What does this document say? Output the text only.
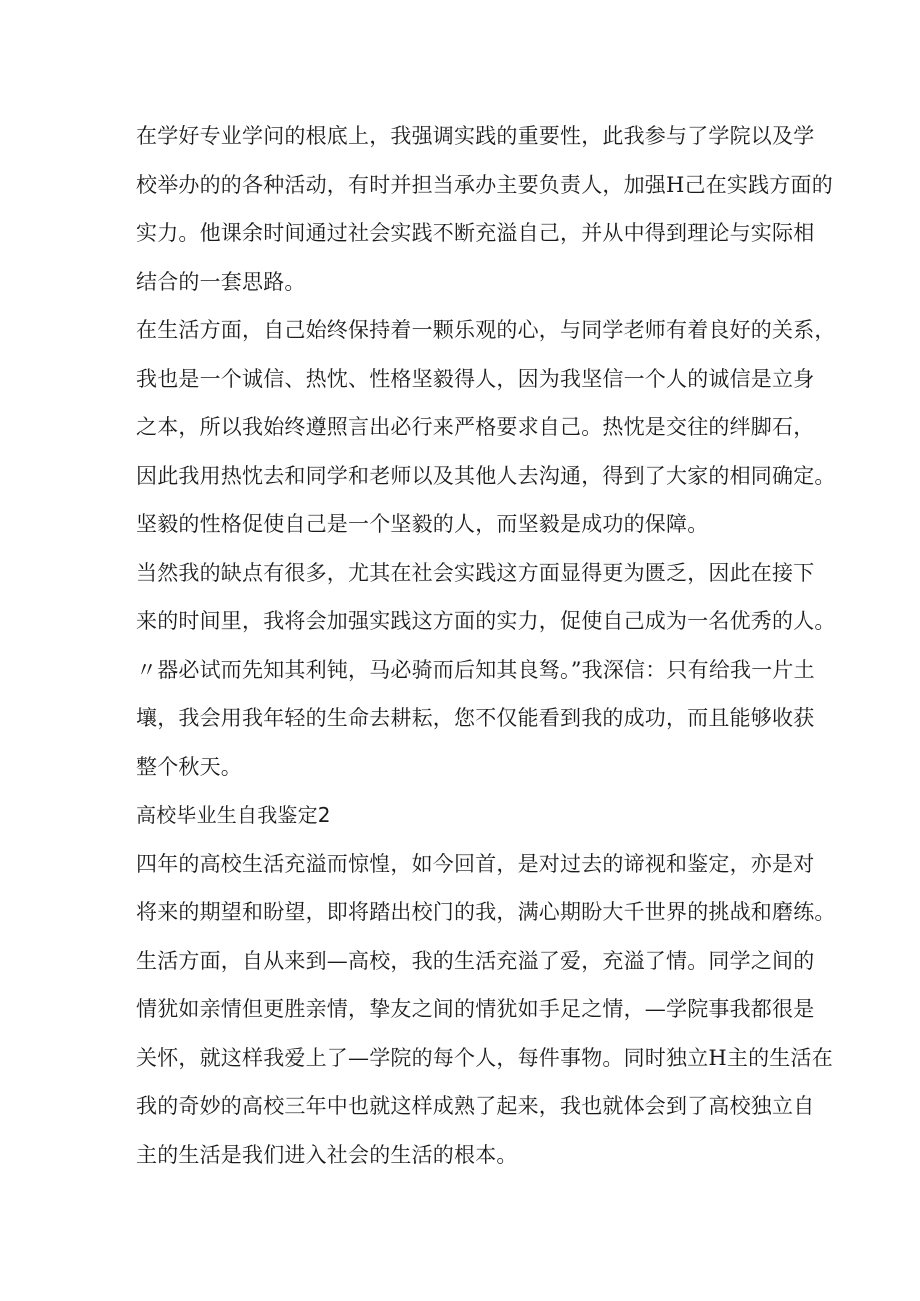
在学好专业学问的根底上，我强调实践的重要性，此我参与了学院以及学
校举办的的各种活动，有时并担当承办主要负责人，加强H己在实践方面的
实力。他课余时间通过社会实践不断充溢自己，并从中得到理论与实际相
结合的一套思路。
在生活方面，自己始终保持着一颗乐观的心，与同学老师有着良好的关系，
我也是一个诚信、热忱、性格坚毅得人，因为我坚信一个人的诚信是立身
之本，所以我始终遵照言出必行来严格要求自己。热忱是交往的绊脚石，
因此我用热忱去和同学和老师以及其他人去沟通，得到了大家的相同确定。
坚毅的性格促使自己是一个坚毅的人，而坚毅是成功的保障。
当然我的缺点有很多，尤其在社会实践这方面显得更为匮乏，因此在接下
来的时间里，我将会加强实践这方面的实力，促使自己成为一名优秀的人。
〃器必试而先知其利钝，马必骑而后知其良驽。”我深信：只有给我一片土
壤，我会用我年轻的生命去耕耘，您不仅能看到我的成功，而且能够收获
整个秋天。
高校毕业生自我鉴定2
四年的高校生活充溢而惊惶，如今回首，是对过去的谛视和鉴定，亦是对
将来的期望和盼望，即将踏出校门的我，满心期盼大千世界的挑战和磨练。
生活方面，自从来到—高校，我的生活充溢了爱，充溢了情。同学之间的
情犹如亲情但更胜亲情，挚友之间的情犹如手足之情，—学院事我都很是
关怀，就这样我爱上了—学院的每个人，每件事物。同时独立H主的生活在
我的奇妙的高校三年中也就这样成熟了起来，我也就体会到了高校独立自
主的生活是我们进入社会的生活的根本。
